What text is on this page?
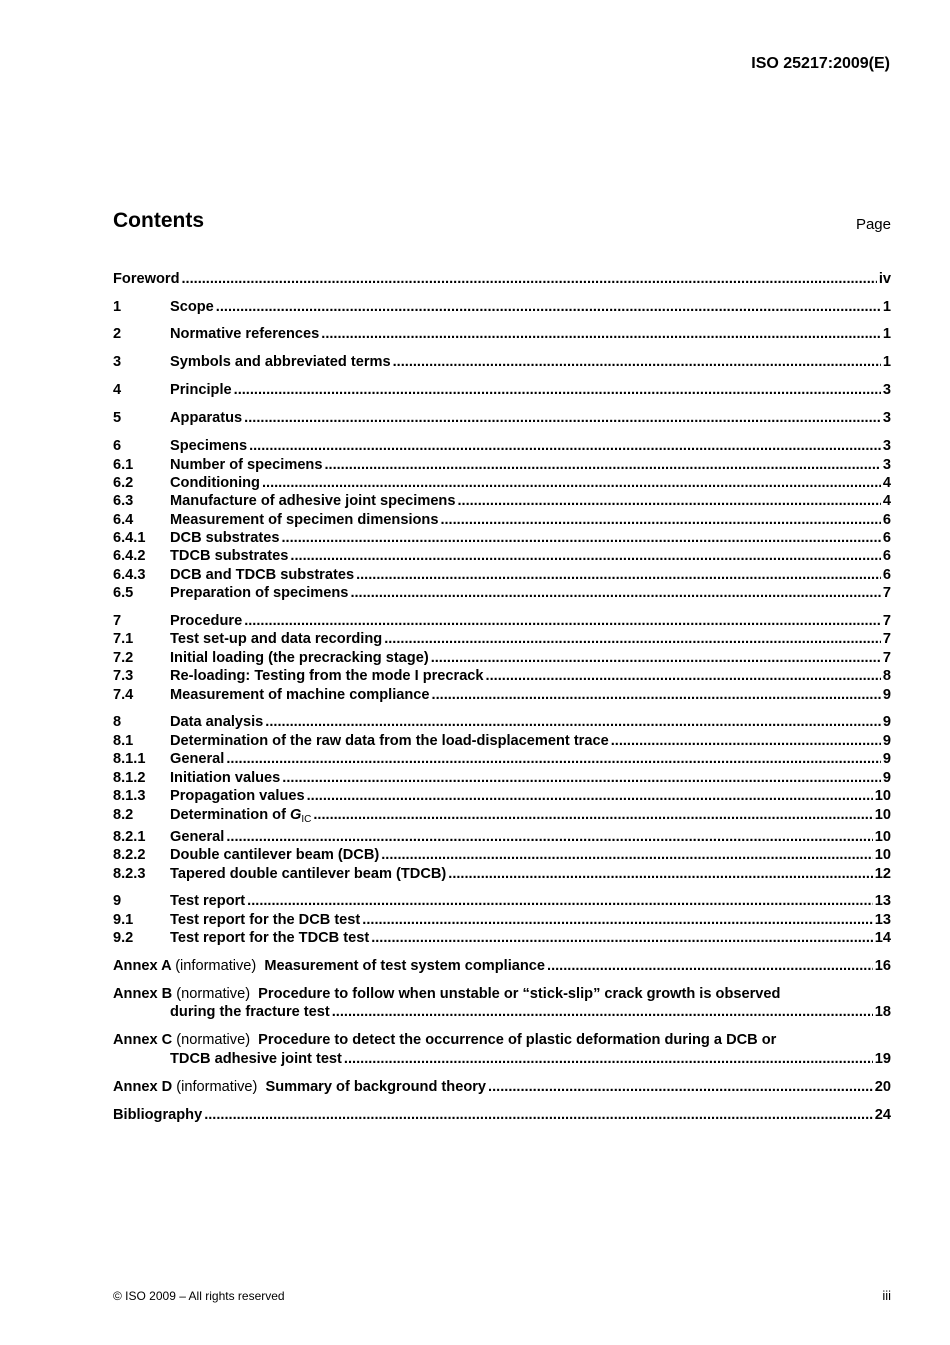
ISO 25217:2009(E)
Contents	Page
Foreword .....	iv
1	Scope .....	1
2	Normative references .....	1
3	Symbols and abbreviated terms .....	1
4	Principle .....	3
5	Apparatus .....	3
6	Specimens .....	3
6.1	Number of specimens .....	3
6.2	Conditioning .....	4
6.3	Manufacture of adhesive joint specimens .....	4
6.4	Measurement of specimen dimensions .....	6
6.4.1 DCB substrates .....	6
6.4.2 TDCB substrates .....	6
6.4.3 DCB and TDCB substrates .....	6
6.5	Preparation of specimens .....	7
7	Procedure .....	7
7.1	Test set-up and data recording .....	7
7.2	Initial loading (the precracking stage) .....	7
7.3	Re-loading: Testing from the mode I precrack .....	8
7.4	Measurement of machine compliance .....	9
8	Data analysis .....	9
8.1	Determination of the raw data from the load-displacement trace .....	9
8.1.1 General .....	9
8.1.2 Initiation values .....	9
8.1.3 Propagation values .....	10
8.2	Determination of $G_{IC}$ .....	10
8.2.1 General .....	10
8.2.2 Double cantilever beam (DCB) .....	10
8.2.3 Tapered double cantilever beam (TDCB) .....	12
9	Test report .....	13
9.1	Test report for the DCB test .....	13
9.2	Test report for the TDCB test .....	14
Annex A (informative) Measurement of test system compliance .....	16
Annex B (normative) Procedure to follow when unstable or “stick-slip” crack growth is observed
during the fracture test .....	18
Annex C (normative) Procedure to detect the occurrence of plastic deformation during a DCB or
TDCB adhesive joint test .....	19
Annex D (informative) Summary of background theory .....	20
Bibliography .....	24
© ISO 2009 – All rights reserved	iii
